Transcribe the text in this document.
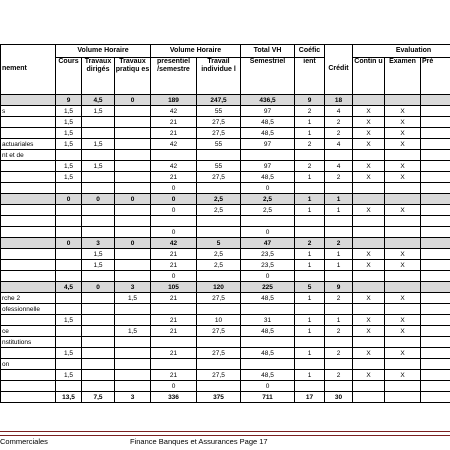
nement	Volume Horaire			Volume Horaire		Total VH	Coéfic	Crédit	Evaluation		
	Cours	Travaux dirigés	Travaux pratiqu es	presentiel /semestre	Travail individue l	Semestriel	ient		Contin u	Examen	Pré
	9	4,5	0	189	247,5	436,5	9	18			
s	1,5	1,5		42	55	97	2	4	X	X	
	1,5			21	27,5	48,5	1	2	X	X	
	1,5			21	27,5	48,5	1	2	X	X	
actuariales	1,5	1,5		42	55	97	2	4	X	X	
nt et de											
	1,5	1,5		42	55	97	2	4	X	X	
	1,5			21	27,5	48,5	1	2	X	X	
				0		0					
	0	0	0	0	2,5	2,5	1	1			
				0	2,5	2,5	1	1	X	X	

				0		0					
	0	3	0	42	5	47	2	2			
		1,5		21	2,5	23,5	1	1	X	X	
		1,5		21	2,5	23,5	1	1	X	X	
				0		0					
	4,5	0	3	105	120	225	5	9			
rche 2			1,5	21	27,5	48,5	1	2	X	X	
ofessionnelle											
	1,5			21	10	31	1	1	X	X	
ce			1,5	21	27,5	48,5	1	2	X	X	
nstitutions											
	1,5			21	27,5	48,5	1	2	X	X	
on											
	1,5			21	27,5	48,5	1	2	X	X	
				0		0					
	13,5	7,5	3	336	375	711	17	30			
Commerciales	Finance Banques et Assurances Page 17
